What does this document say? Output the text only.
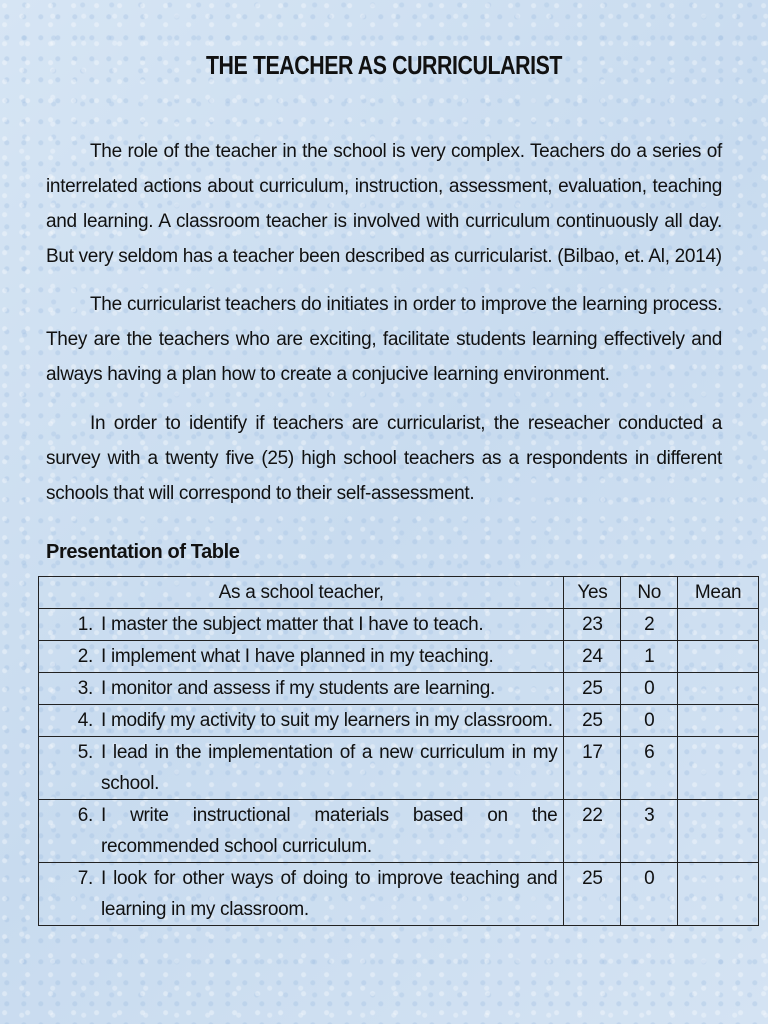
THE TEACHER AS CURRICULARIST
The role of the teacher in the school is very complex. Teachers do a series of interrelated actions about curriculum, instruction, assessment, evaluation, teaching and learning. A classroom teacher is involved with curriculum continuously all day. But very seldom has a teacher been described as curricularist. (Bilbao, et. Al, 2014)
The curricularist teachers do initiates in order to improve the learning process. They are the teachers who are exciting, facilitate students learning effectively and always having a plan how to create a conjucive learning environment.
In order to identify if teachers are curricularist, the reseacher conducted a survey with a twenty five (25) high school teachers as a respondents in different schools that will correspond to their self-assessment.
Presentation of Table
As a school teacher,	Yes	No	Mean

1. I master the subject matter that I have to teach.	23	2	

2. I implement what I have planned in my teaching.	24	1	

3. I monitor and assess if my students are learning.	25	0	

4. I modify my activity to suit my learners in my classroom.	25	0	

5. I lead in the implementation of a new curriculum in my school.	17	6	

6. I write instructional materials based on the recommended school curriculum.	22	3	

7. I look for other ways of doing to improve teaching and learning in my classroom.	25	0	
